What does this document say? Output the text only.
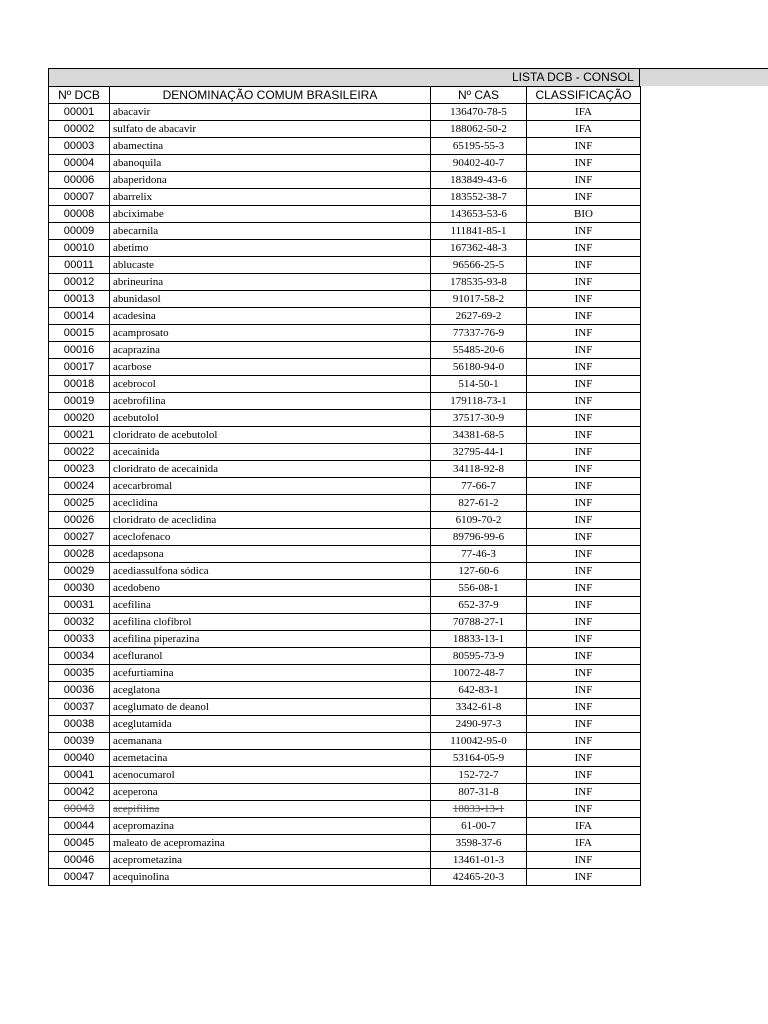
LISTA DCB - CONSOL
Nº DCB	DENOMINAÇÃO COMUM BRASILEIRA	Nº CAS	CLASSIFICAÇÃO
00001	abacavir	136470-78-5	IFA
00002	sulfato de abacavir	188062-50-2	IFA
00003	abamectina	65195-55-3	INF
00004	abanoquila	90402-40-7	INF
00006	abaperidona	183849-43-6	INF
00007	abarrelix	183552-38-7	INF
00008	abciximabe	143653-53-6	BIO
00009	abecarnila	111841-85-1	INF
00010	abetimo	167362-48-3	INF
00011	ablucaste	96566-25-5	INF
00012	abrineurina	178535-93-8	INF
00013	abunidasol	91017-58-2	INF
00014	acadesina	2627-69-2	INF
00015	acamprosato	77337-76-9	INF
00016	acaprazina	55485-20-6	INF
00017	acarbose	56180-94-0	INF
00018	acebrocol	514-50-1	INF
00019	acebrofilina	179118-73-1	INF
00020	acebutolol	37517-30-9	INF
00021	cloridrato de acebutolol	34381-68-5	INF
00022	acecainida	32795-44-1	INF
00023	cloridrato de acecainida	34118-92-8	INF
00024	acecarbromal	77-66-7	INF
00025	aceclidina	827-61-2	INF
00026	cloridrato de aceclidina	6109-70-2	INF
00027	aceclofenaco	89796-99-6	INF
00028	acedapsona	77-46-3	INF
00029	acediassulfona sódica	127-60-6	INF
00030	acedobeno	556-08-1	INF
00031	acefilina	652-37-9	INF
00032	acefilina clofibrol	70788-27-1	INF
00033	acefilina piperazina	18833-13-1	INF
00034	acefluranol	80595-73-9	INF
00035	acefurtiamina	10072-48-7	INF
00036	aceglatona	642-83-1	INF
00037	aceglumato de deanol	3342-61-8	INF
00038	aceglutamida	2490-97-3	INF
00039	acemanana	110042-95-0	INF
00040	acemetacina	53164-05-9	INF
00041	acenocumarol	152-72-7	INF
00042	aceperona	807-31-8	INF
00043	acepifilina	18833-13-1	INF
00044	acepromazina	61-00-7	IFA
00045	maleato de acepromazina	3598-37-6	IFA
00046	aceprometazina	13461-01-3	INF
00047	acequinolina	42465-20-3	INF
